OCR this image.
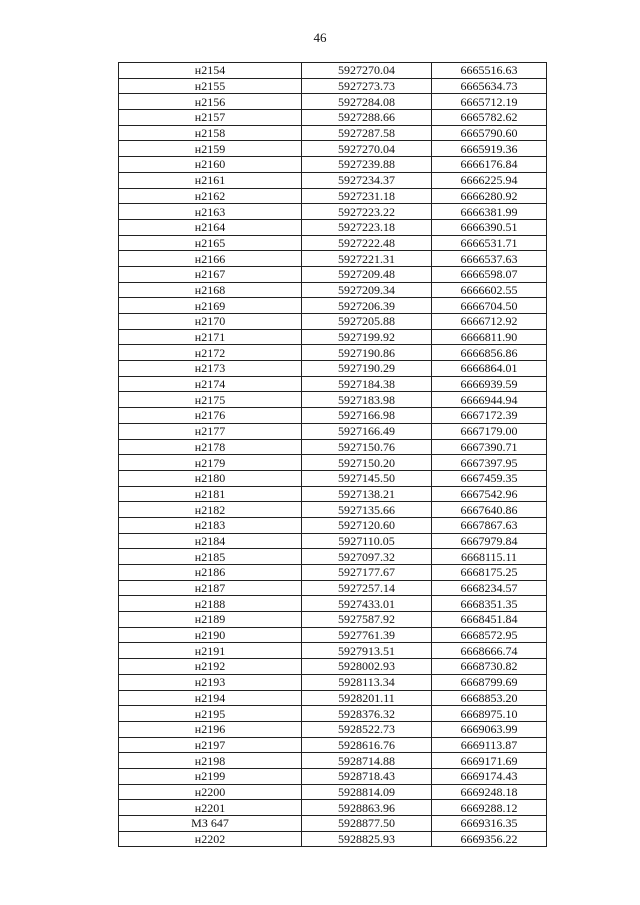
46
н2154	5927270.04	6665516.63
н2155	5927273.73	6665634.73
н2156	5927284.08	6665712.19
н2157	5927288.66	6665782.62
н2158	5927287.58	6665790.60
н2159	5927270.04	6665919.36
н2160	5927239.88	6666176.84
н2161	5927234.37	6666225.94
н2162	5927231.18	6666280.92
н2163	5927223.22	6666381.99
н2164	5927223.18	6666390.51
н2165	5927222.48	6666531.71
н2166	5927221.31	6666537.63
н2167	5927209.48	6666598.07
н2168	5927209.34	6666602.55
н2169	5927206.39	6666704.50
н2170	5927205.88	6666712.92
н2171	5927199.92	6666811.90
н2172	5927190.86	6666856.86
н2173	5927190.29	6666864.01
н2174	5927184.38	6666939.59
н2175	5927183.98	6666944.94
н2176	5927166.98	6667172.39
н2177	5927166.49	6667179.00
н2178	5927150.76	6667390.71
н2179	5927150.20	6667397.95
н2180	5927145.50	6667459.35
н2181	5927138.21	6667542.96
н2182	5927135.66	6667640.86
н2183	5927120.60	6667867.63
н2184	5927110.05	6667979.84
н2185	5927097.32	6668115.11
н2186	5927177.67	6668175.25
н2187	5927257.14	6668234.57
н2188	5927433.01	6668351.35
н2189	5927587.92	6668451.84
н2190	5927761.39	6668572.95
н2191	5927913.51	6668666.74
н2192	5928002.93	6668730.82
н2193	5928113.34	6668799.69
н2194	5928201.11	6668853.20
н2195	5928376.32	6668975.10
н2196	5928522.73	6669063.99
н2197	5928616.76	6669113.87
н2198	5928714.88	6669171.69
н2199	5928718.43	6669174.43
н2200	5928814.09	6669248.18
н2201	5928863.96	6669288.12
МЗ 647	5928877.50	6669316.35
н2202	5928825.93	6669356.22
